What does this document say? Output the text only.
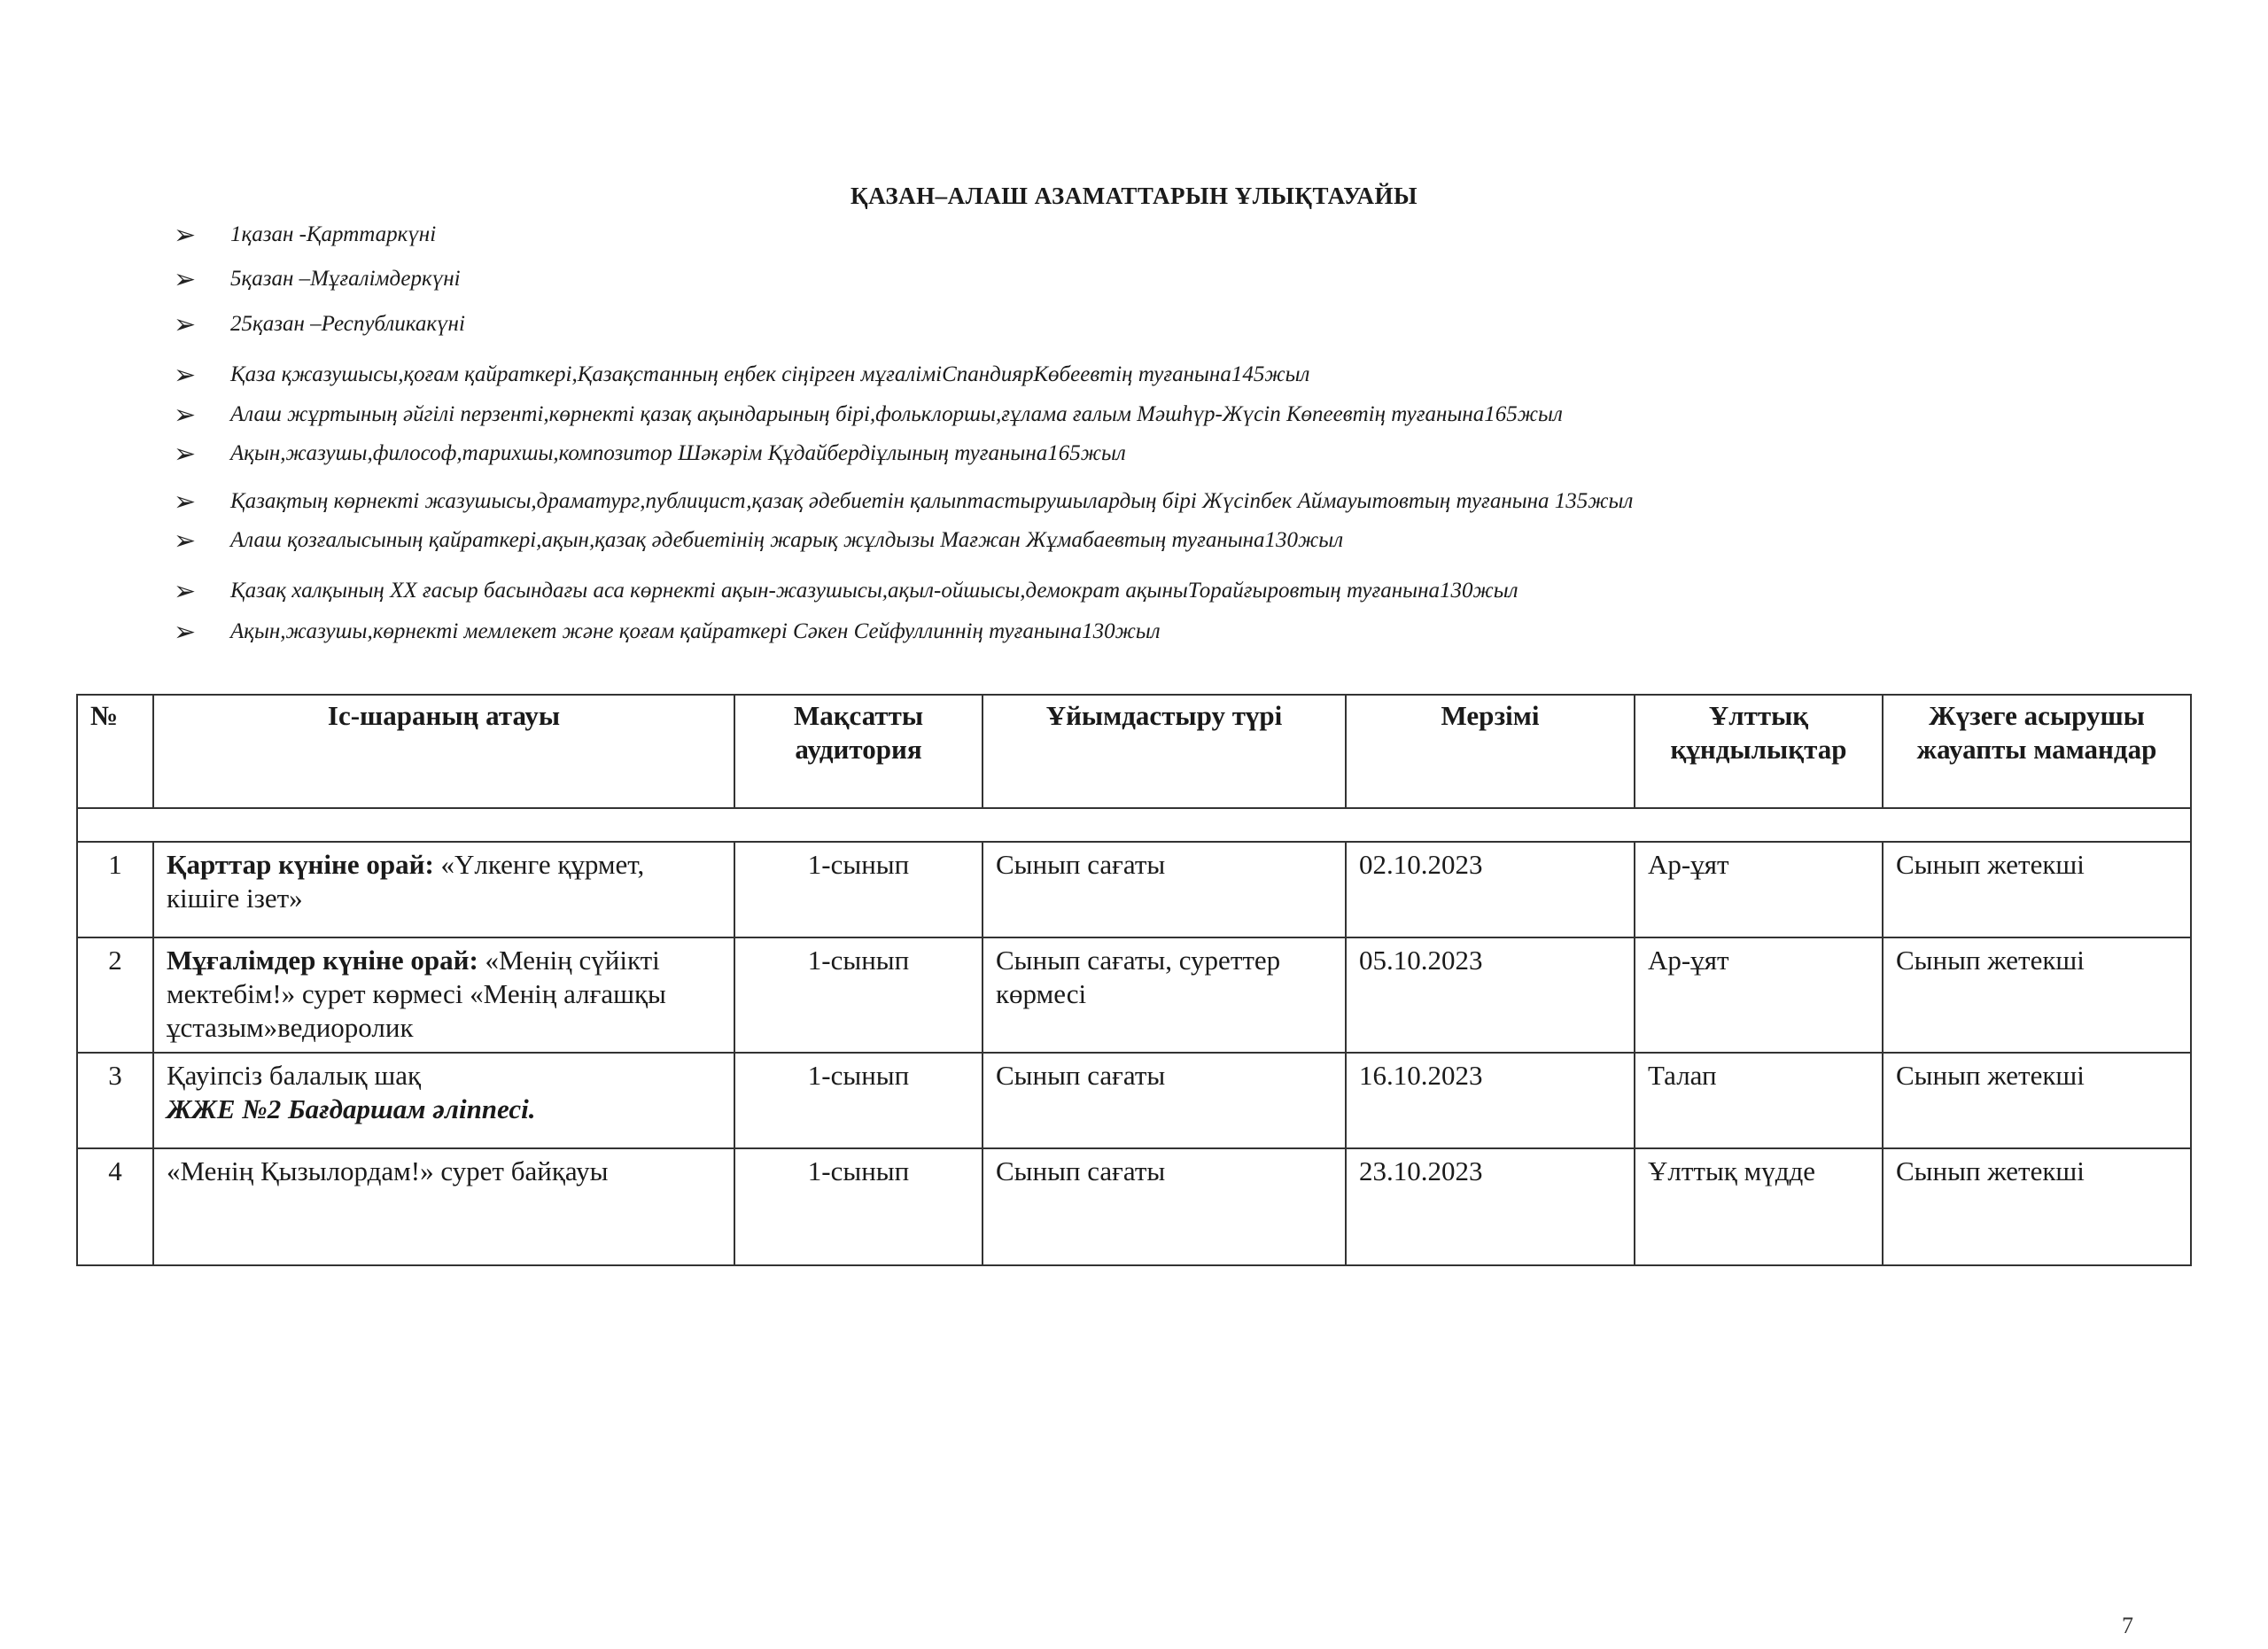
ҚАЗАН–АЛАШ АЗАМАТТАРЫН ҰЛЫҚТАУАЙЫ
➢	1қазан -Қарттаркүні
➢	5қазан –Мұғалімдеркүні
➢	25қазан –Республикакүні
➢	Қаза қжазушысы,қоғам қайраткері,Қазақстанның еңбек сіңірген мұғаліміСпандиярКөбеевтің туғанына145жыл
➢	Алаш жұртының әйгілі перзенті,көрнекті қазақ ақындарының бірі,фольклоршы,ғұлама ғалым Мәшһүр-Жүсіп Көпеевтің туғанына165жыл
➢	Ақын,жазушы,философ,тарихшы,композитор Шәкәрім Құдайбердіұлының туғанына165жыл
➢	Қазақтың көрнекті жазушысы,драматург,публицист,қазақ әдебиетін қалыптастырушылардың бірі Жүсіпбек Аймауытовтың туғанына 135жыл
➢	Алаш қозғалысының қайраткері,ақын,қазақ әдебиетінің жарық жұлдызы Мағжан Жұмабаевтың туғанына130жыл
➢	Қазақ халқының XX ғасыр басындағы аса көрнекті ақын-жазушысы,ақыл-ойшысы,демократ ақыныТорайғыровтың туғанына130жыл
➢	Ақын,жазушы,көрнекті мемлекет және қоғам қайраткері Сәкен Сейфуллиннің туғанына130жыл
№	Іс-шараның атауы	Мақсатты аудитория	Ұйымдастыру түрі	Мерзімі	Ұлттық құндылықтар	Жүзеге асырушы жауапты мамандар

1	Қарттар күніне орай: «Үлкенге құрмет, кішіге ізет»	1-сынып	Сынып сағаты	02.10.2023	Ар-ұят	Сынып жетекші
2	Мұғалімдер күніне орай: «Менің сүйікті мектебім!» сурет көрмесі «Менің алғашқы ұстазым»ведиоролик	1-сынып	Сынып сағаты, суреттер көрмесі	05.10.2023	Ар-ұят	Сынып жетекші
3	Қауіпсіз балалық шақ
ЖЖЕ №2 Бағдаршам әліппесі.	1-сынып	Сынып сағаты	16.10.2023	Талап	Сынып жетекші
4	«Менің Қызылордам!» сурет байқауы	1-сынып	Сынып сағаты	23.10.2023	Ұлттық мүдде	Сынып жетекші
7
